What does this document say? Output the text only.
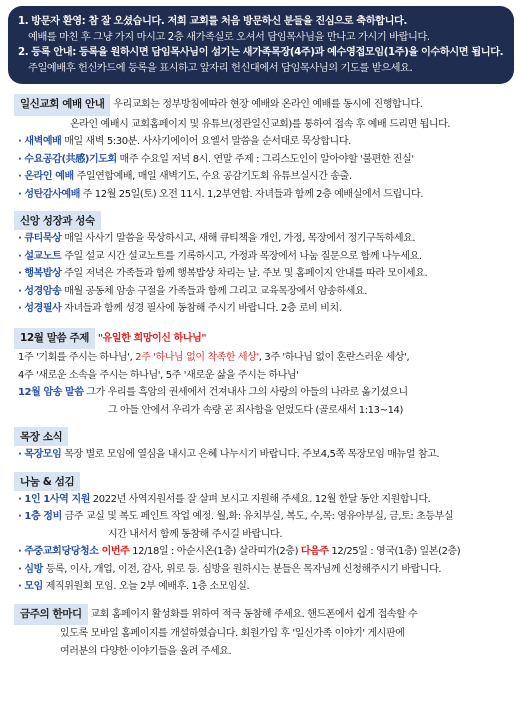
1. 방문자 환영: 참 잘 오셨습니다. 저희 교회를 처음 방문하신 분들을 진심으로 축하합니다.
예배를 마친 후 그냥 가지 마시고 2층 새가족실로 오셔서 담임목사님을 만나고 가시기 바랍니다.
2. 등록 안내: 등록을 원하시면 담임목사님이 섬기는 새가족목장(4주)과 예수영접모임(1주)을 이수하시면 됩니다.
주일예배후 헌신카드에 등록을 표시하고 앞자리 헌신대에서 담임목사님의 기도를 받으세요.
일신교회 예배 안내 우리교회는 정부방침에따라 현장 예배와 온라인 예배를 동시에 진행합니다.
온라인 예배시 교회홈페이지 및 유튜브(정관일신교회)를 통하여 접속 후 예배 드리면 됩니다.
· 새벽예배 매일 새벽 5:30분. 사사기에이어 요엘서 말씀을 순서대로 묵상합니다.
· 수요공감(共感)기도회 매주 수요일 저녁 8시. 연말 주제 : 그리스도인이 알아야할 '불편한 진실'
· 온라인 예배 주일연합예배, 매일 새벽기도, 수요 공감기도회 유튜브실시간 송출.
· 성탄감사예배 주 12월 25일(토) 오전 11시. 1,2부연합. 자녀들과 함께 2층 예배실에서 드립니다.
신앙 성장과 성숙
· 큐티묵상 매일 사사기 말씀을 묵상하시고, 새해 큐티책을 개인, 가정, 목장에서 정기구독하세요.
· 설교노트 주일 설교 시간 설교노트를 기록하시고, 가정과 목장에서 나눔 질문으로 함께 나누세요.
· 행복밥상 주일 저녁은 가족들과 함께 행복밥상 차리는 날. 주보 및 홈페이지 안내를 따라 모이세요.
· 성경암송 매월 공동체 암송 구절을 가족들과 함께 그리고 교육목장에서 암송하세요.
· 성경필사 자녀들과 함께 성경 필사에 동참해 주시기 바랍니다. 2층 로비 비치.
12월 말씀 주제 "유일한 희망이신 하나님"
1주 '기회를 주시는 하나님', 2주 '하나님 없이 착족한 세상', 3주 '하나님 없이 혼란스러운 세상',
4주 '새로운 소속을 주시는 하나님', 5주 '새로운 삶을 주시는 하나님'
12월 암송 말씀 그가 우리를 흑암의 권세에서 건져내사 그의 사랑의 아들의 나라로 옮기셨으니
그 아들 안에서 우리가 속량 곧 죄사함을 얻었도다 (골로새서 1:13~14)
목장 소식
· 목장모임 목장 별로 모임에 열심을 내시고 은혜 나누시기 바랍니다. 주보4,5쪽 목장모임 매뉴얼 참고.
나눔 & 섬김
· 1인 1사역 지원 2022년 사역지원서를 잘 살펴 보시고 지원해 주세요. 12월 한달 동안 지원합니다.
· 1층 정비 금주 교실 및 복도 페인트 작업 예정. 월,화: 유치부실, 복도, 수,목: 영유아부실, 금,토: 초등부실
시간 내서서 함께 동참해 주시길 바랍니다.
· 주중교회당당청소 이번주 12/18일 : 아순시온(1층) 살라띠가(2층) 다음주 12/25일 : 영국(1층) 일본(2층)
· 심방 등록, 이사, 개업, 이전, 감사, 위로 등. 심방을 원하시는 분들은 목자님께 신청해주시기 바랍니다.
· 모임 제직위원회 모임. 오늘 2부 예배후. 1층 소모임실.
금주의 한마디 교회 홈페이지 활성화를 위하여 적극 동참해 주세요. 핸드폰에서 쉽게 접속할 수
있도록 모바일 홈페이지를 개설하였습니다. 회원가입 후 '일신가족 이야기' 게시판에
여러분의 다양한 이야기들을 올려 주세요.
